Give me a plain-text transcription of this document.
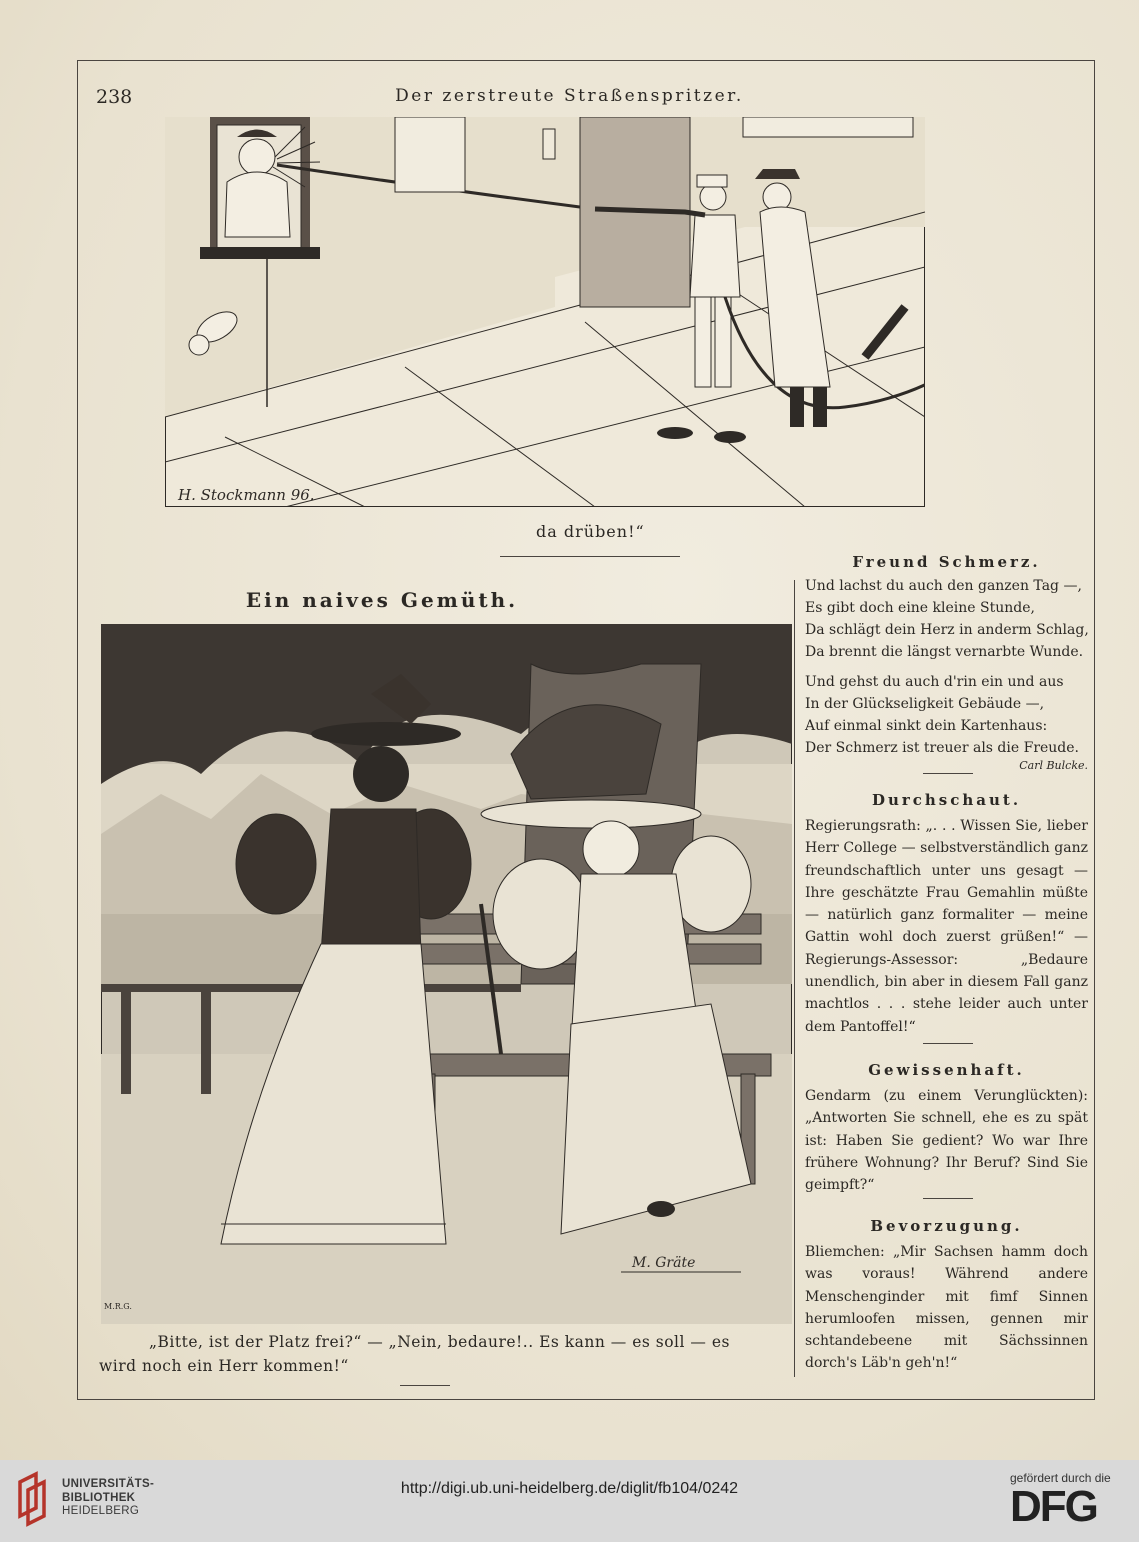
238	Der zerstreute Straßenspritzer.
da drüben!“
H. Stockmann 96.
Ein naives Gemüth.
M. Gräte
M.R.G.
„Bitte, ist der Platz frei?“ — „Nein, bedaure!.. Es kann — es soll — es
wird noch ein Herr kommen!“
Freund Schmerz.
Und lachst du auch den ganzen Tag —,
Es gibt doch eine kleine Stunde,
Da schlägt dein Herz in anderm Schlag,
Da brennt die längst vernarbte Wunde.
Und gehst du auch d'rin ein und aus
In der Glückseligkeit Gebäude —,
Auf einmal sinkt dein Kartenhaus:
Der Schmerz ist treuer als die Freude.
Carl Bulcke.
Durchschaut.
Regierungsrath: „. . . Wissen Sie, lieber Herr College — selbstverständlich ganz freundschaftlich unter uns gesagt — Ihre geschätzte Frau Gemahlin müßte — natürlich ganz formaliter — meine Gattin wohl doch zuerst grüßen!“ — Regierungs-Assessor: „Bedaure unendlich, bin aber in diesem Fall ganz machtlos . . . stehe leider auch unter dem Pantoffel!“
Gewissenhaft.
Gendarm (zu einem Verunglückten): „Antworten Sie schnell, ehe es zu spät ist: Haben Sie gedient? Wo war Ihre frühere Wohnung? Ihr Beruf? Sind Sie geimpft?“
Bevorzugung.
Bliemchen: „Mir Sachsen hamm doch was voraus! Während andere Menschenginder mit fimf Sinnen herumloofen missen, gennen mir schtandebeene mit Sächssinnen dorch's Läb'n geh'n!“
UNIVERSITÄTS-
BIBLIOTHEK
HEIDELBERG
http://digi.ub.uni-heidelberg.de/diglit/fb104/0242
gefördert durch die
DFG
